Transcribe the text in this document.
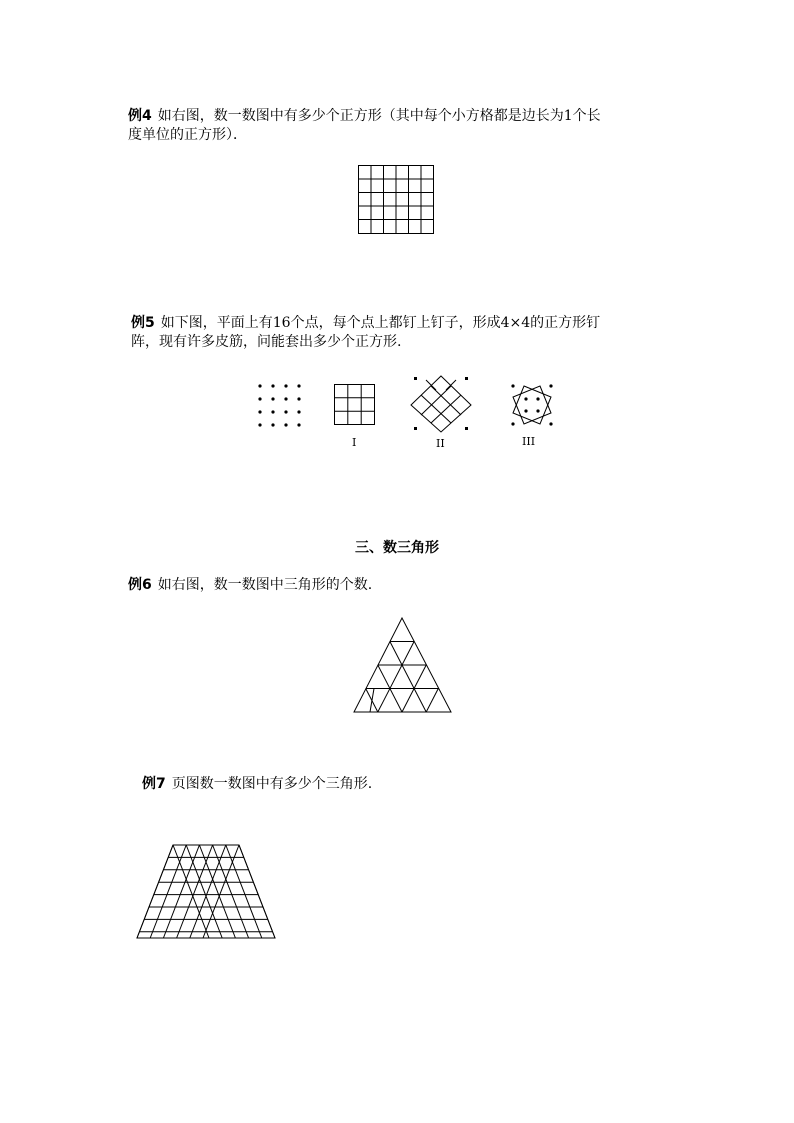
例4 如右图，数一数图中有多少个正方形（其中每个小方格都是边长为1个长
度单位的正方形）．
例5 如下图，平面上有16个点，每个点上都钉上钉子，形成4×4的正方形钉
阵，现有许多皮筋，问能套出多少个正方形.
I	II	III
三、数三角形
例6 如右图，数一数图中三角形的个数.
例7 页图数一数图中有多少个三角形.
